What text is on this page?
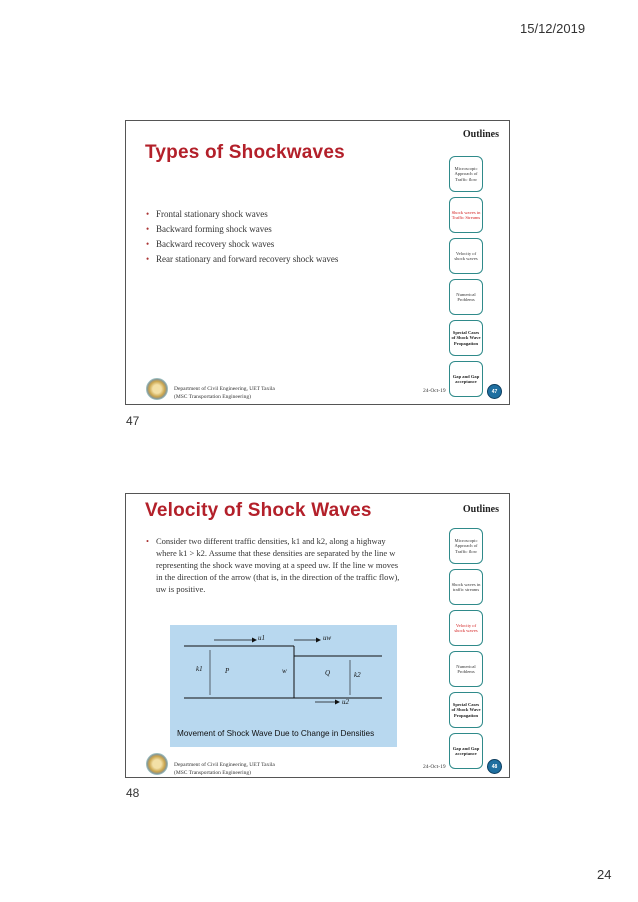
15/12/2019
Types of Shockwaves
Outlines
Microscopic Approach of Traffic flow
Shock waves in Traffic Streams
Velocity of shock waves
Numerical Problems
Special Cases of Shock Wave Propagation
Gap and Gap acceptance
• Frontal stationary shock waves
• Backward forming shock waves
• Backward recovery shock waves
• Rear stationary and forward recovery shock waves
Department of Civil Engineering, UET Taxila
(MSC Transportation Engineering)
24-Oct-19	47
47
Velocity of Shock Waves	Outlines
Microscopic Approach of Traffic flow
Shock waves in traffic streams
Velocity of shock waves
Numerical Problems
Special Cases of Shock Wave Propagation
Gap and Gap acceptance
• Consider two different traffic densities, k1 and k2, along a highway where k1 > k2. Assume that these densities are separated by the line w representing the shock wave moving at a speed uw. If the line w moves in the direction of the arrow (that is, in the direction of the traffic flow), uw is positive.
u1	uw
k1	P	w	Q	k2
u2
Movement of Shock Wave Due to Change in Densities
Department of Civil Engineering, UET Taxila
(MSC Transportation Engineering)
24-Oct-19	48
48
24
